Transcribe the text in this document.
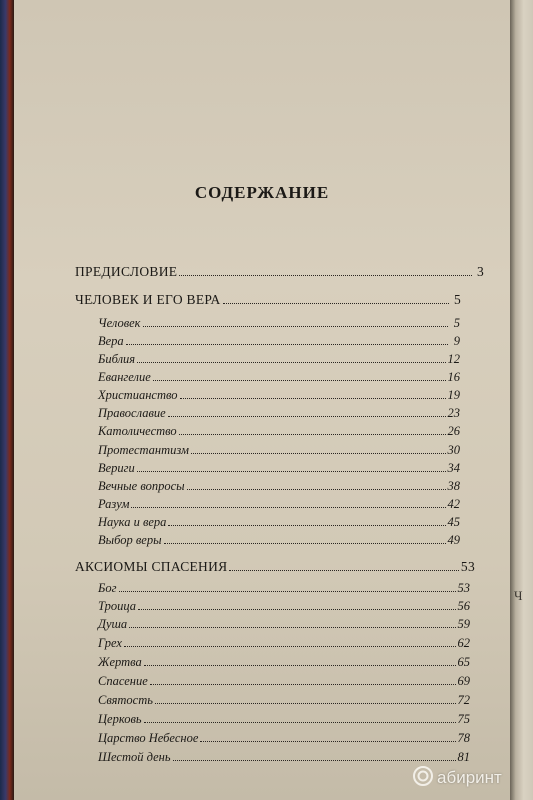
СОДЕРЖАНИЕ
ПРЕДИСЛОВИЕ	3
ЧЕЛОВЕК И ЕГО ВЕРА	5
Человек	5
Вера	9
Библия	12
Евангелие	16
Христианство	19
Православие	23
Католичество	26
Протестантизм	30
Вериги	34
Вечные вопросы	38
Разум	42
Наука и вера	45
Выбор веры	49
АКСИОМЫ СПАСЕНИЯ	53
Бог	53
Троица	56
Душа	59
Грех	62
Жертва	65
Спасение	69
Святость	72
Церковь	75
Царство Небесное	78
Шестой день	81
Ч
абиринт
